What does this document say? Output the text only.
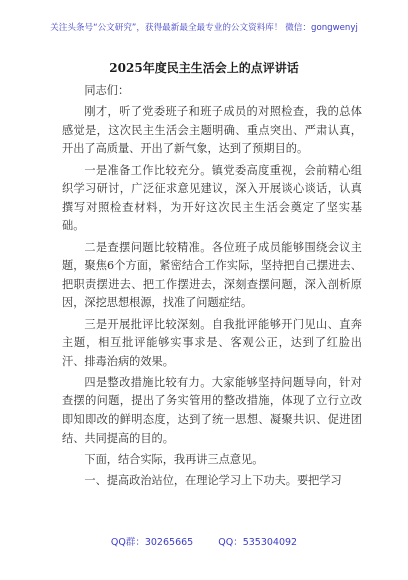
关注头条号“公文研究”，获得最新最全最专业的公文资料库！ 微信：gongwenyj
2025年度民主生活会上的点评讲话

同志们：

刚才，听了党委班子和班子成员的对照检查，我的总体感觉是，这次民主生活会主题明确、重点突出、严肃认真，开出了高质量、开出了新气象，达到了预期目的。

一是准备工作比较充分。镇党委高度重视，会前精心组织学习研讨，广泛征求意见建议，深入开展谈心谈话，认真撰写对照检查材料，为开好这次民主生活会奠定了坚实基础。

二是查摆问题比较精准。各位班子成员能够围绕会议主题，聚焦6个方面，紧密结合工作实际，坚持把自己摆进去、把职责摆进去、把工作摆进去，深刻查摆问题，深入剖析原因，深挖思想根源，找准了问题症结。

三是开展批评比较深刻。自我批评能够开门见山、直奔主题，相互批评能够实事求是、客观公正，达到了红脸出汗、排毒治病的效果。

四是整改措施比较有力。大家能够坚持问题导向，针对查摆的问题，提出了务实管用的整改措施，体现了立行立改即知即改的鲜明态度，达到了统一思想、凝聚共识、促进团结、共同提高的目的。

下面，结合实际，我再讲三点意见。

一、提高政治站位，在理论学习上下功夫。要把学习

QQ群：30265665	QQ：535304092
